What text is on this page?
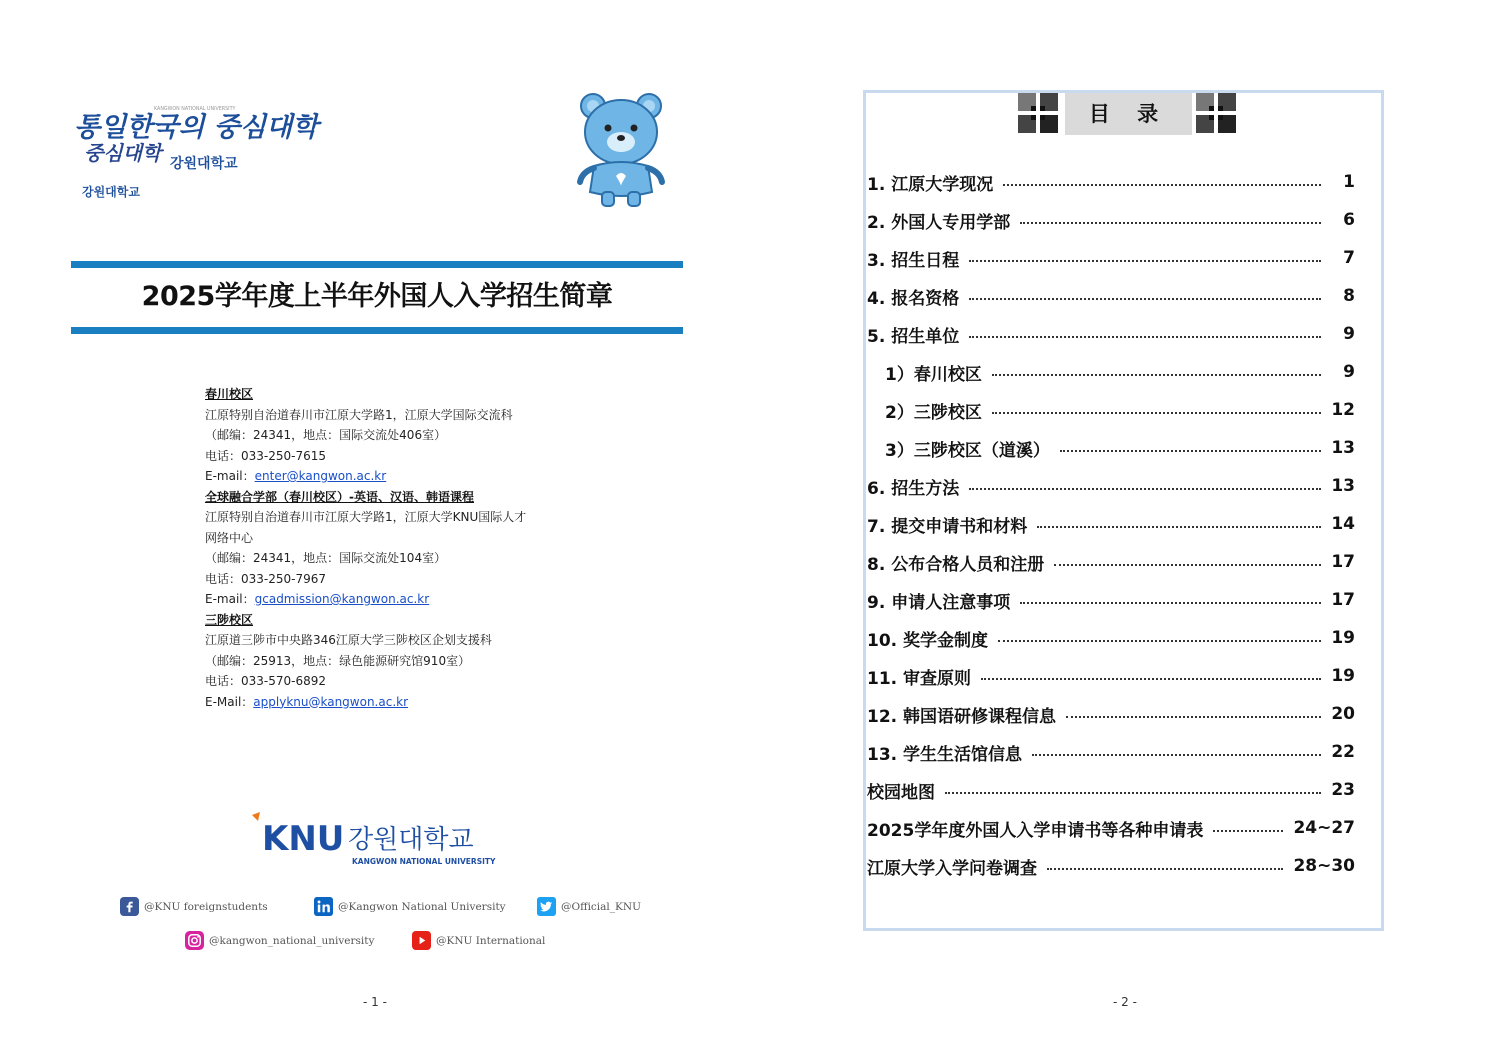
통일한국의 중심대학
강원대학교
KANGWON NATIONAL UNIVERSITY
중심대학
강원대학교
2025学年度上半年外国人入学招生简章
春川校区
江原特别自治道春川市江原大学路1，江原大学国际交流科
（邮编：24341，地点：国际交流处406室）
电话：033-250-7615
E-mail：enter@kangwon.ac.kr
全球融合学部（春川校区）-英语、汉语、韩语课程
江原特别自治道春川市江原大学路1，江原大学KNU国际人才
网络中心
（邮编：24341，地点：国际交流处104室）
电话：033-250-7967
E-mail：gcadmission@kangwon.ac.kr
三陟校区
江原道三陟市中央路346江原大学三陟校区企划支援科
（邮编：25913，地点：绿色能源研究馆910室）
电话：033-570-6892
E-Mail：applyknu@kangwon.ac.kr
KNU 강원대학교
KANGWON NATIONAL UNIVERSITY
@KNU foreignstudents	@Kangwon National University	@Official_KNU
@kangwon_national_university	@KNU International
- 1 -
目 录
1. 江原大学现况	1
2. 外国人专用学部	6
3. 招生日程	7
4. 报名资格	8
5. 招生单位	9
1）春川校区	9
2）三陟校区	12
3）三陟校区（道溪）	13
6. 招生方法	13
7. 提交申请书和材料	14
8. 公布合格人员和注册	17
9. 申请人注意事项	17
10. 奖学金制度	19
11. 审查原则	19
12. 韩国语研修课程信息	20
13. 学生生活馆信息	22
校园地图	23
2025学年度外国人入学申请书等各种申请表	24~27
江原大学入学问卷调查	28~30
- 2 -
